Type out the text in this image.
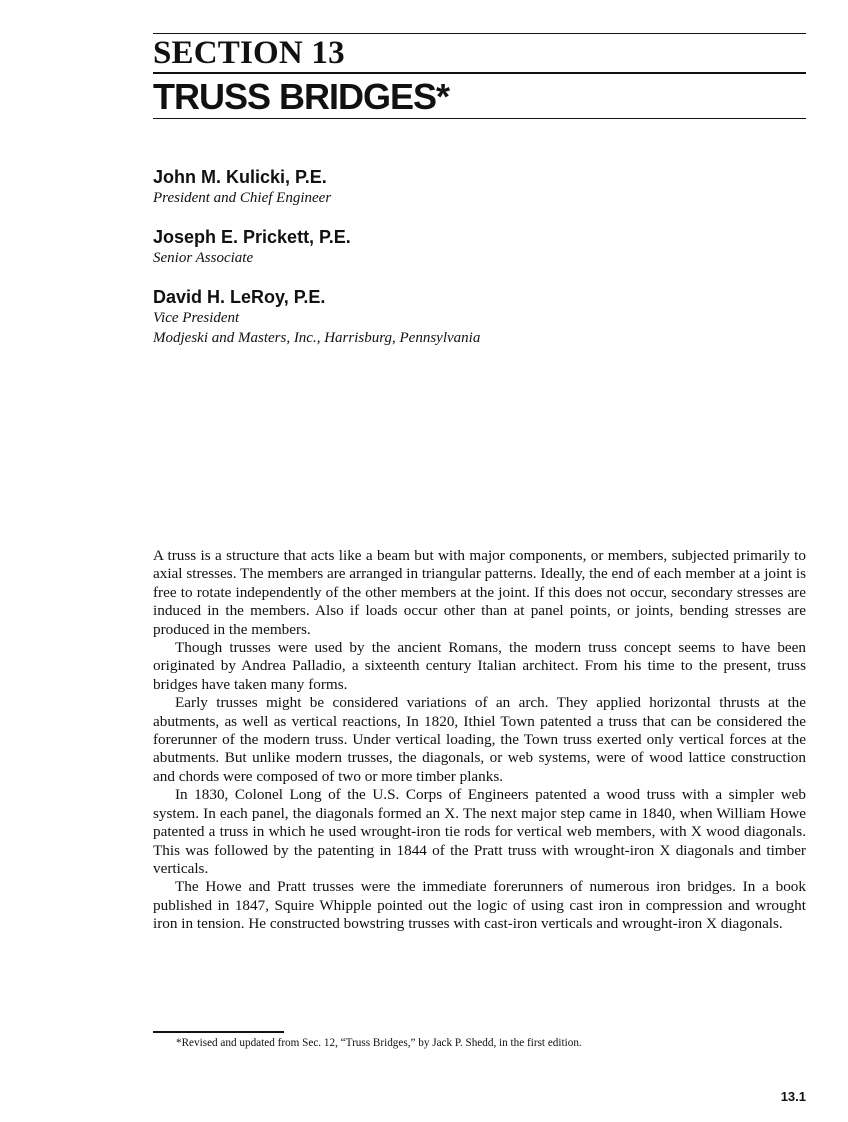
SECTION 13
TRUSS BRIDGES*

John M. Kulicki, P.E.

President and Chief Engineer

Joseph E. Prickett, P.E.

Senior Associate

David H. LeRoy, P.E.

Vice President

Modjeski and Masters, Inc., Harrisburg, Pennsylvania

A truss is a structure that acts like a beam but with major components, or members, subjected primarily to axial stresses. The members are arranged in triangular patterns. Ideally, the end of each member at a joint is free to rotate independently of the other members at the joint. If this does not occur, secondary stresses are induced in the members. Also if loads occur other than at panel points, or joints, bending stresses are produced in the members.

Though trusses were used by the ancient Romans, the modern truss concept seems to have been originated by Andrea Palladio, a sixteenth century Italian architect. From his time to the present, truss bridges have taken many forms.

Early trusses might be considered variations of an arch. They applied horizontal thrusts at the abutments, as well as vertical reactions, In 1820, Ithiel Town patented a truss that can be considered the forerunner of the modern truss. Under vertical loading, the Town truss exerted only vertical forces at the abutments. But unlike modern trusses, the diagonals, or web systems, were of wood lattice construction and chords were composed of two or more timber planks.

In 1830, Colonel Long of the U.S. Corps of Engineers patented a wood truss with a simpler web system. In each panel, the diagonals formed an X. The next major step came in 1840, when William Howe patented a truss in which he used wrought-iron tie rods for vertical web members, with X wood diagonals. This was followed by the patenting in 1844 of the Pratt truss with wrought-iron X diagonals and timber verticals.

The Howe and Pratt trusses were the immediate forerunners of numerous iron bridges. In a book published in 1847, Squire Whipple pointed out the logic of using cast iron in compression and wrought iron in tension. He constructed bowstring trusses with cast-iron verticals and wrought-iron X diagonals.

*Revised and updated from Sec. 12, “Truss Bridges,” by Jack P. Shedd, in the first edition.

13.1
